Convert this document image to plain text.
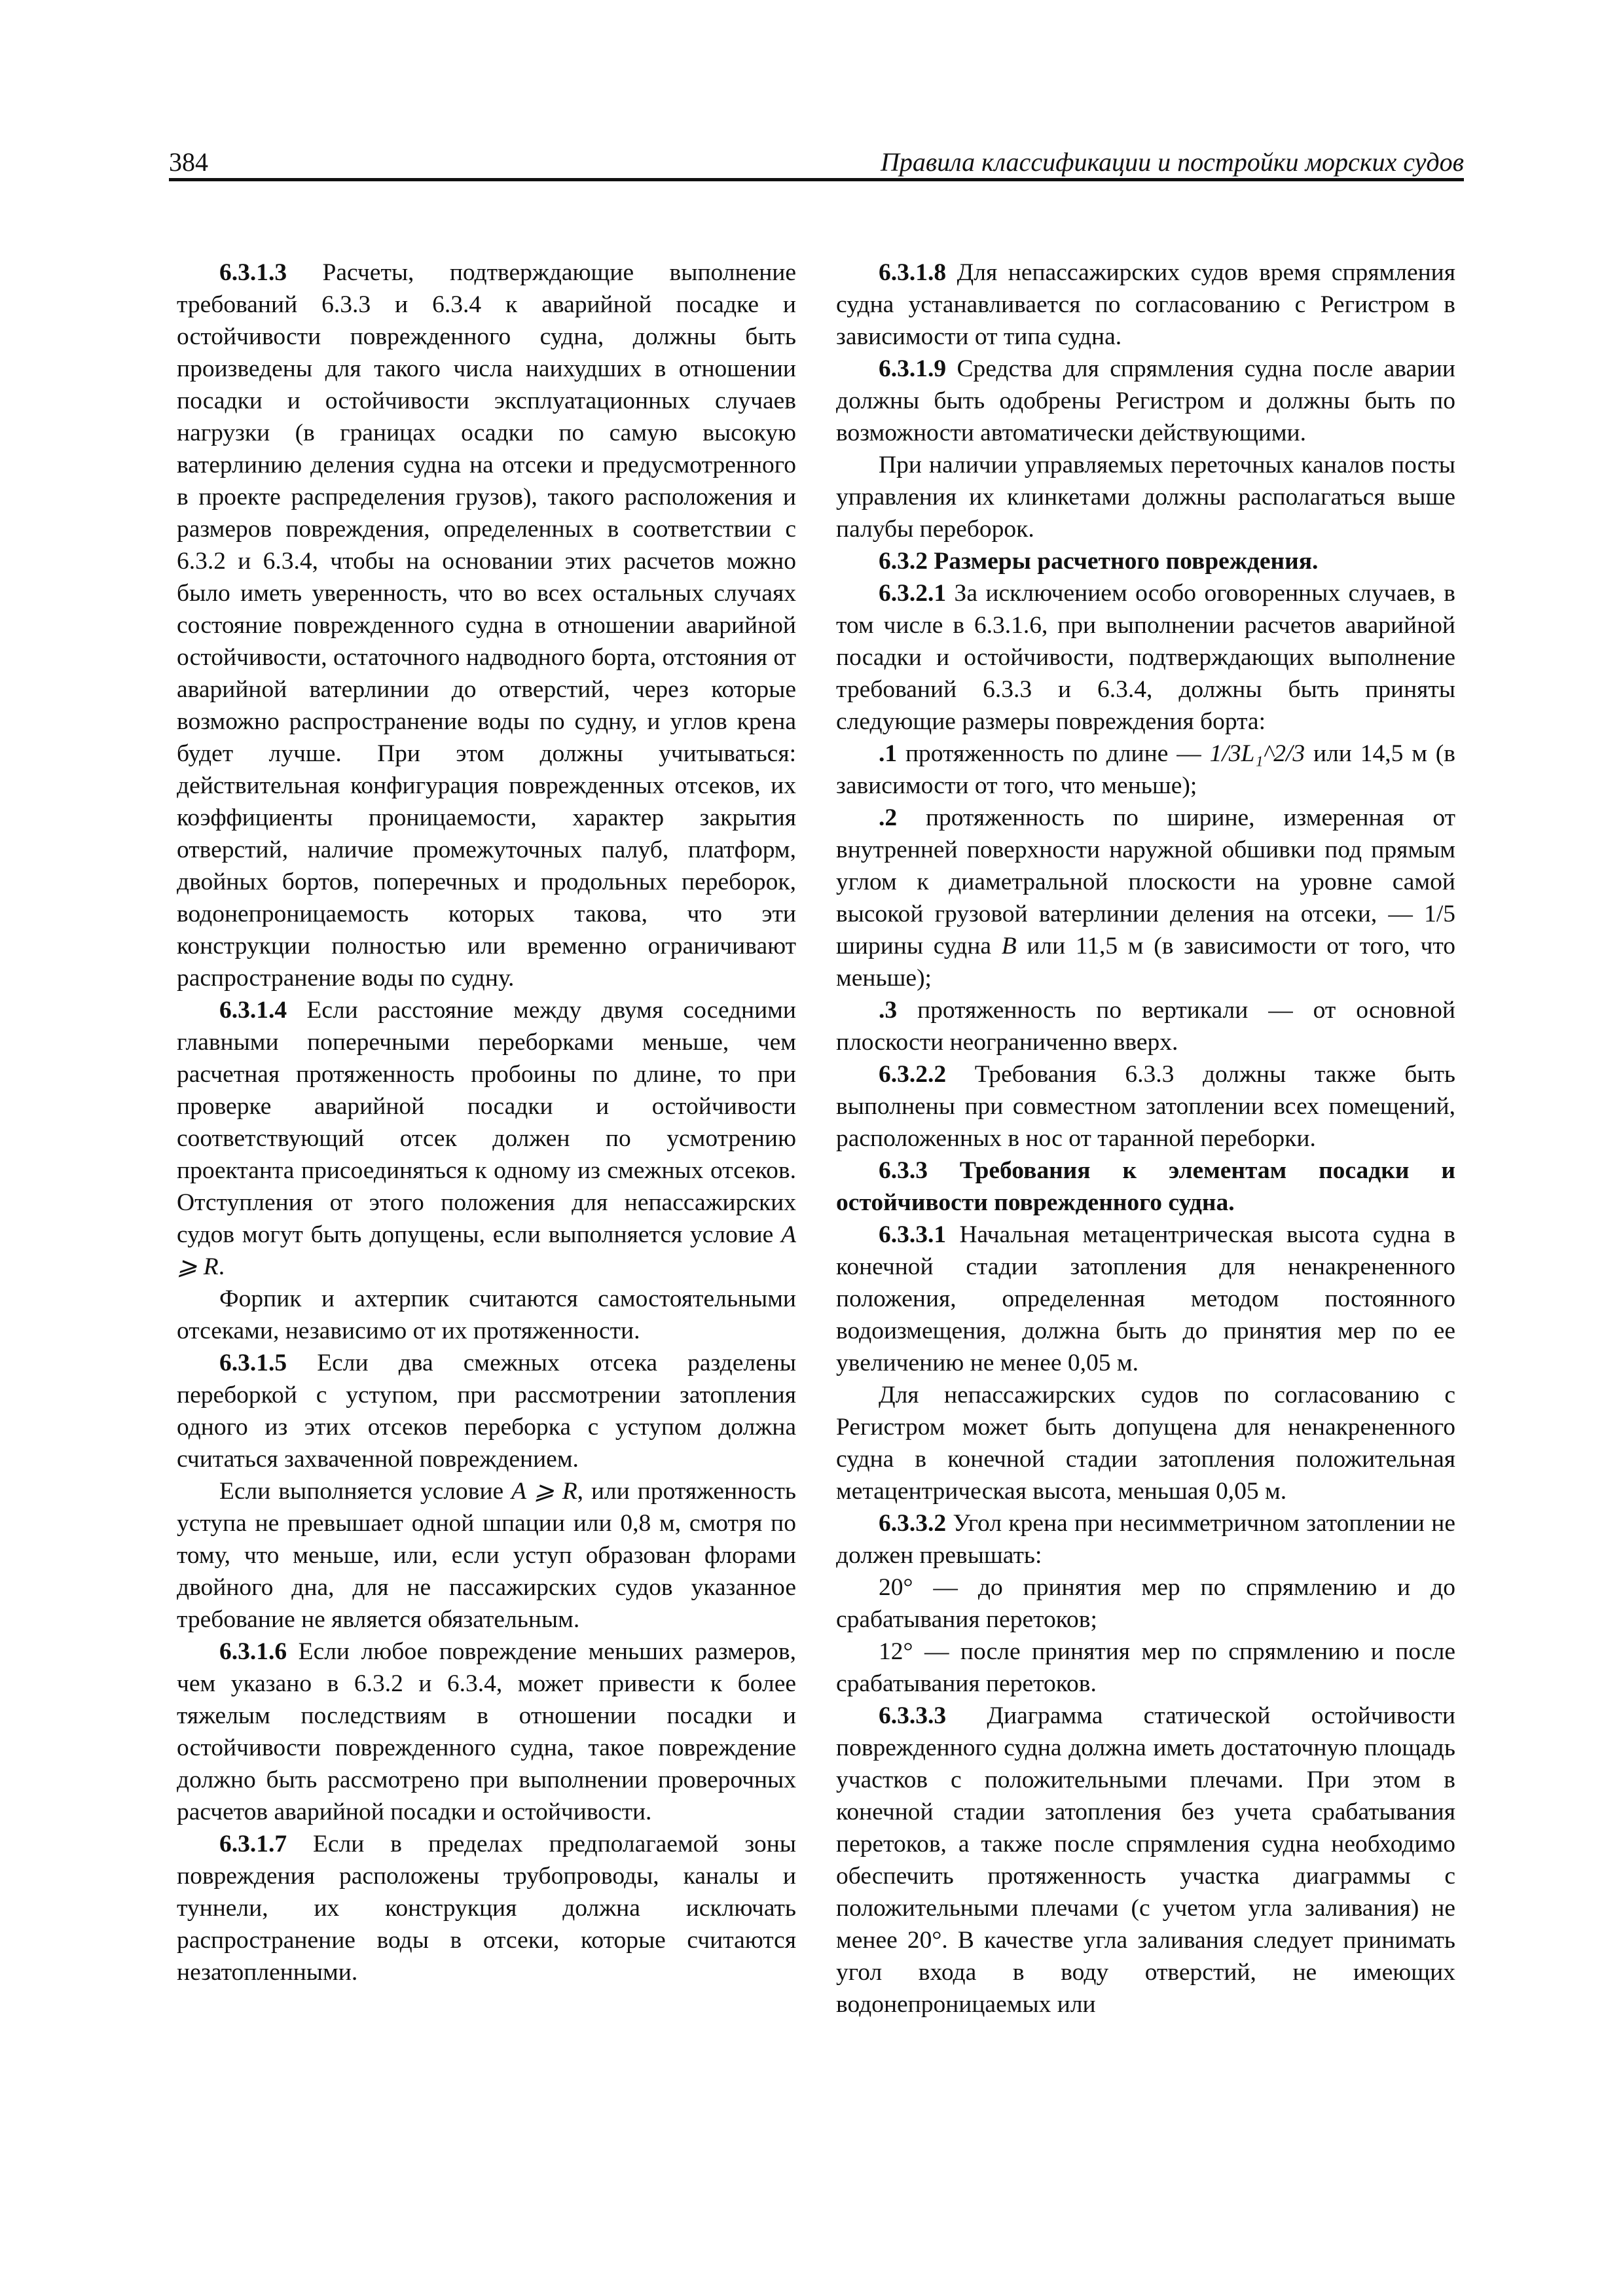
384	Правила классификации и постройки морских судов

6.3.1.3 Расчеты, подтверждающие выполнение требований 6.3.3 и 6.3.4 к аварийной посадке и остойчивости поврежденного судна, должны быть произведены для такого числа наихудших в отношении посадки и остойчивости эксплуатационных случаев нагрузки (в границах осадки по самую высокую ватерлинию деления судна на отсеки и предусмотренного в проекте распределения грузов), такого расположения и размеров повреждения, определенных в соответствии с 6.3.2 и 6.3.4, чтобы на основании этих расчетов можно было иметь уверенность, что во всех остальных случаях состояние поврежденного судна в отношении аварийной остойчивости, остаточного надводного борта, отстояния от аварийной ватерлинии до отверстий, через которые возможно распространение воды по судну, и углов крена будет лучше. При этом должны учитываться: действительная конфигурация поврежденных отсеков, их коэффициенты проницаемости, характер закрытия отверстий, наличие промежуточных палуб, платформ, двойных бортов, поперечных и продольных переборок, водонепроницаемость которых такова, что эти конструкции полностью или временно ограничивают распространение воды по судну.

6.3.1.4 Если расстояние между двумя соседними главными поперечными переборками меньше, чем расчетная протяженность пробоины по длине, то при проверке аварийной посадки и остойчивости соответствующий отсек должен по усмотрению проектанта присоединяться к одному из смежных отсеков. Отступления от этого положения для непассажирских судов могут быть допущены, если выполняется условие A ⩾ R.

Форпик и ахтерпик считаются самостоятельными отсеками, независимо от их протяженности.

6.3.1.5 Если два смежных отсека разделены переборкой с уступом, при рассмотрении затопления одного из этих отсеков переборка с уступом должна считаться захваченной повреждением.

Если выполняется условие A ⩾ R, или протяженность уступа не превышает одной шпации или 0,8 м, смотря по тому, что меньше, или, если уступ образован флорами двойного дна, для не пассажирских судов указанное требование не является обязательным.

6.3.1.6 Если любое повреждение меньших размеров, чем указано в 6.3.2 и 6.3.4, может привести к более тяжелым последствиям в отношении посадки и остойчивости поврежденного судна, такое повреждение должно быть рассмотрено при выполнении проверочных расчетов аварийной посадки и остойчивости.

6.3.1.7 Если в пределах предполагаемой зоны повреждения расположены трубопроводы, каналы и туннели, их конструкция должна исключать распространение воды в отсеки, которые считаются незатопленными.

6.3.1.8 Для непассажирских судов время спрямления судна устанавливается по согласованию с Регистром в зависимости от типа судна.

6.3.1.9 Средства для спрямления судна после аварии должны быть одобрены Регистром и должны быть по возможности автоматически действующими.

При наличии управляемых переточных каналов посты управления их клинкетами должны располагаться выше палубы переборок.

6.3.2 Размеры расчетного повреждения.

6.3.2.1 За исключением особо оговоренных случаев, в том числе в 6.3.1.6, при выполнении расчетов аварийной посадки и остойчивости, подтверждающих выполнение требований 6.3.3 и 6.3.4, должны быть приняты следующие размеры повреждения борта:

.1 протяженность по длине — 1/3L₁^2/3 или 14,5 м (в зависимости от того, что меньше);

.2 протяженность по ширине, измеренная от внутренней поверхности наружной обшивки под прямым углом к диаметральной плоскости на уровне самой высокой грузовой ватерлинии деления на отсеки, — 1/5 ширины судна B или 11,5 м (в зависимости от того, что меньше);

.3 протяженность по вертикали — от основной плоскости неограниченно вверх.

6.3.2.2 Требования 6.3.3 должны также быть выполнены при совместном затоплении всех помещений, расположенных в нос от таранной переборки.

6.3.3 Требования к элементам посадки и остойчивости поврежденного судна.

6.3.3.1 Начальная метацентрическая высота судна в конечной стадии затопления для ненакрененного положения, определенная методом постоянного водоизмещения, должна быть до принятия мер по ее увеличению не менее 0,05 м.

Для непассажирских судов по согласованию с Регистром может быть допущена для ненакрененного судна в конечной стадии затопления положительная метацентрическая высота, меньшая 0,05 м.

6.3.3.2 Угол крена при несимметричном затоплении не должен превышать:

20° — до принятия мер по спрямлению и до срабатывания перетоков;

12° — после принятия мер по спрямлению и после срабатывания перетоков.

6.3.3.3 Диаграмма статической остойчивости поврежденного судна должна иметь достаточную площадь участков с положительными плечами. При этом в конечной стадии затопления без учета срабатывания перетоков, а также после спрямления судна необходимо обеспечить протяженность участка диаграммы с положительными плечами (с учетом угла заливания) не менее 20°. В качестве угла заливания следует принимать угол входа в воду отверстий, не имеющих водонепроницаемых или
